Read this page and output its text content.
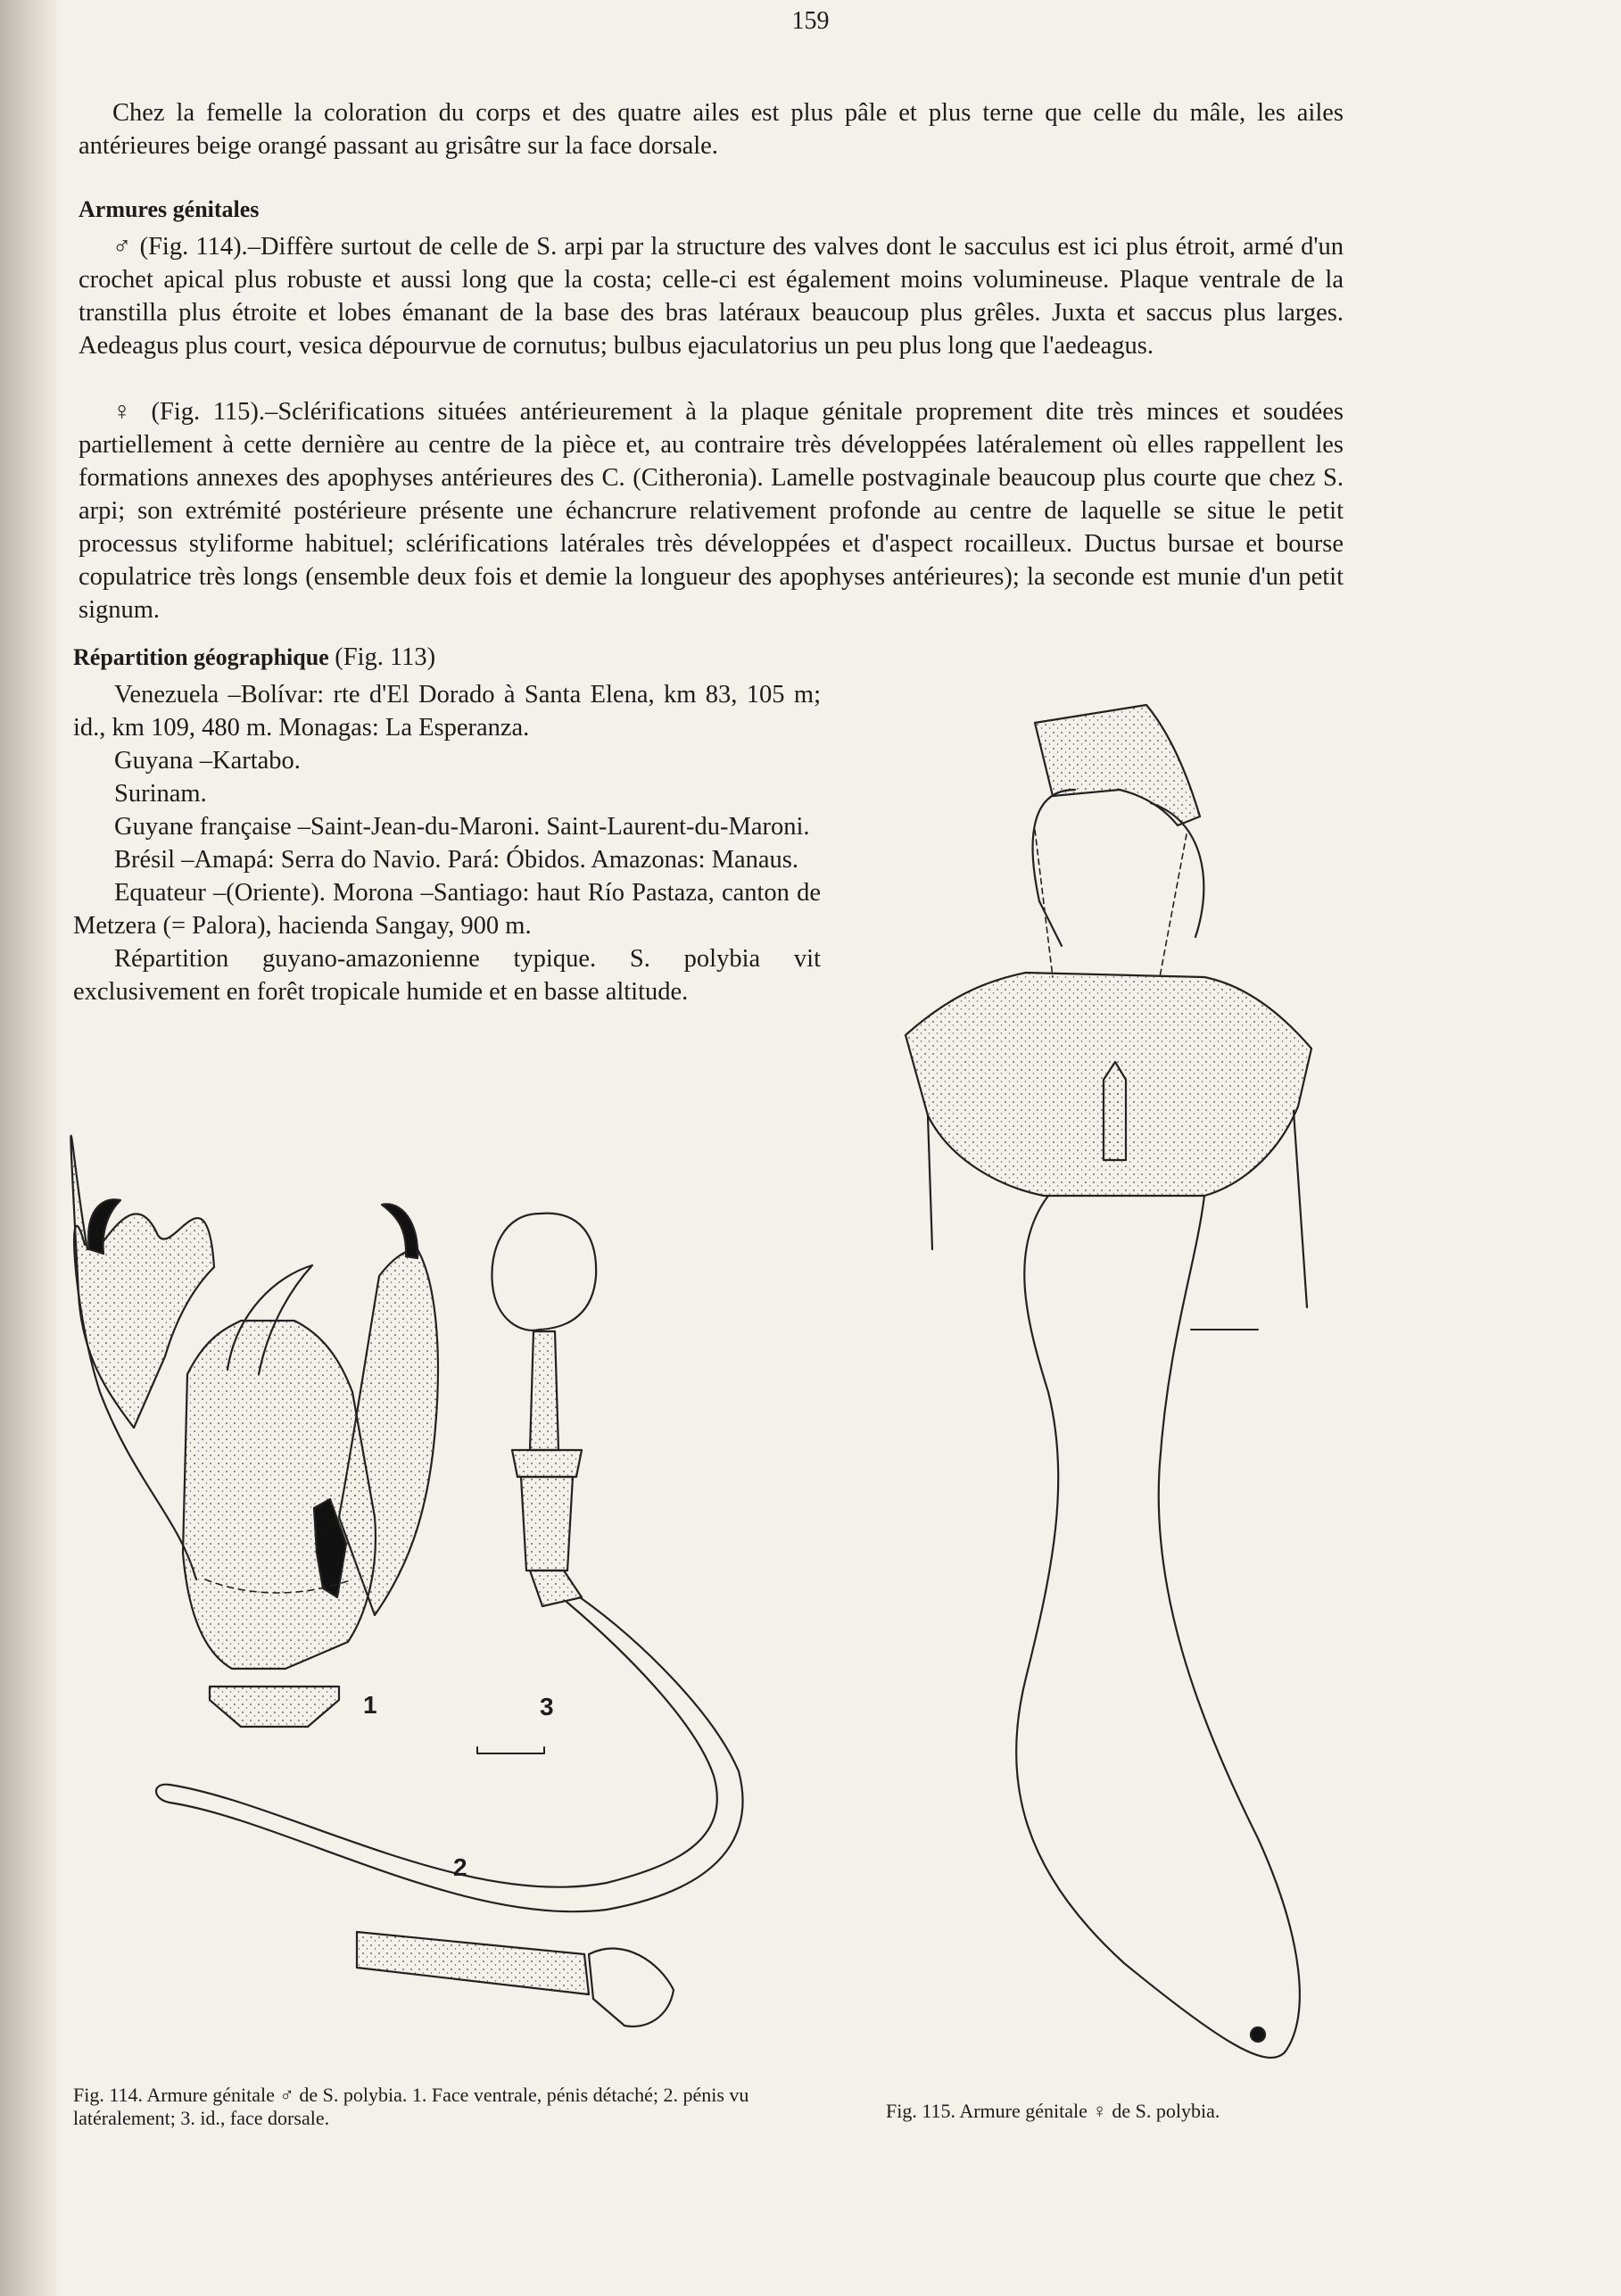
159

Chez la femelle la coloration du corps et des quatre ailes est plus pâle et plus terne que celle du mâle, les ailes antérieures beige orangé passant au grisâtre sur la face dorsale.

Armures génitales

♂ (Fig. 114).–Diffère surtout de celle de S. arpi par la structure des valves dont le sacculus est ici plus étroit, armé d'un crochet apical plus robuste et aussi long que la costa; celle-ci est également moins volumineuse. Plaque ventrale de la transtilla plus étroite et lobes émanant de la base des bras latéraux beaucoup plus grêles. Juxta et saccus plus larges. Aedeagus plus court, vesica dépourvue de cornutus; bulbus ejaculatorius un peu plus long que l'aedeagus.

♀ (Fig. 115).–Sclérifications situées antérieurement à la plaque génitale proprement dite très minces et soudées partiellement à cette dernière au centre de la pièce et, au contraire très développées latéralement où elles rappellent les formations annexes des apophyses antérieures des C. (Citheronia). Lamelle postvaginale beaucoup plus courte que chez S. arpi; son extrémité postérieure présente une échancrure relativement profonde au centre de laquelle se situe le petit processus styliforme habituel; sclérifications latérales très développées et d'aspect rocailleux. Ductus bursae et bourse copulatrice très longs (ensemble deux fois et demie la longueur des apophyses antérieures); la seconde est munie d'un petit signum.

Répartition géographique (Fig. 113)

Venezuela –Bolívar: rte d'El Dorado à Santa Elena, km 83, 105 m; id., km 109, 480 m. Monagas: La Esperanza.

Guyana –Kartabo.

Surinam.

Guyane française –Saint-Jean-du-Maroni. Saint-Laurent-du-Maroni.

Brésil –Amapá: Serra do Navio. Pará: Óbidos. Amazonas: Manaus.

Equateur –(Oriente). Morona –Santiago: haut Río Pastaza, canton de Metzera (= Palora), hacienda Sangay, 900 m.

Répartition guyano-amazonienne typique. S. polybia vit exclusivement en forêt tropicale humide et en basse altitude.

1
2
3

Fig. 114. Armure génitale ♂ de S. polybia. 1. Face ventrale, pénis détaché; 2. pénis vu latéralement; 3. id., face dorsale.	Fig. 115. Armure génitale ♀ de S. polybia.
